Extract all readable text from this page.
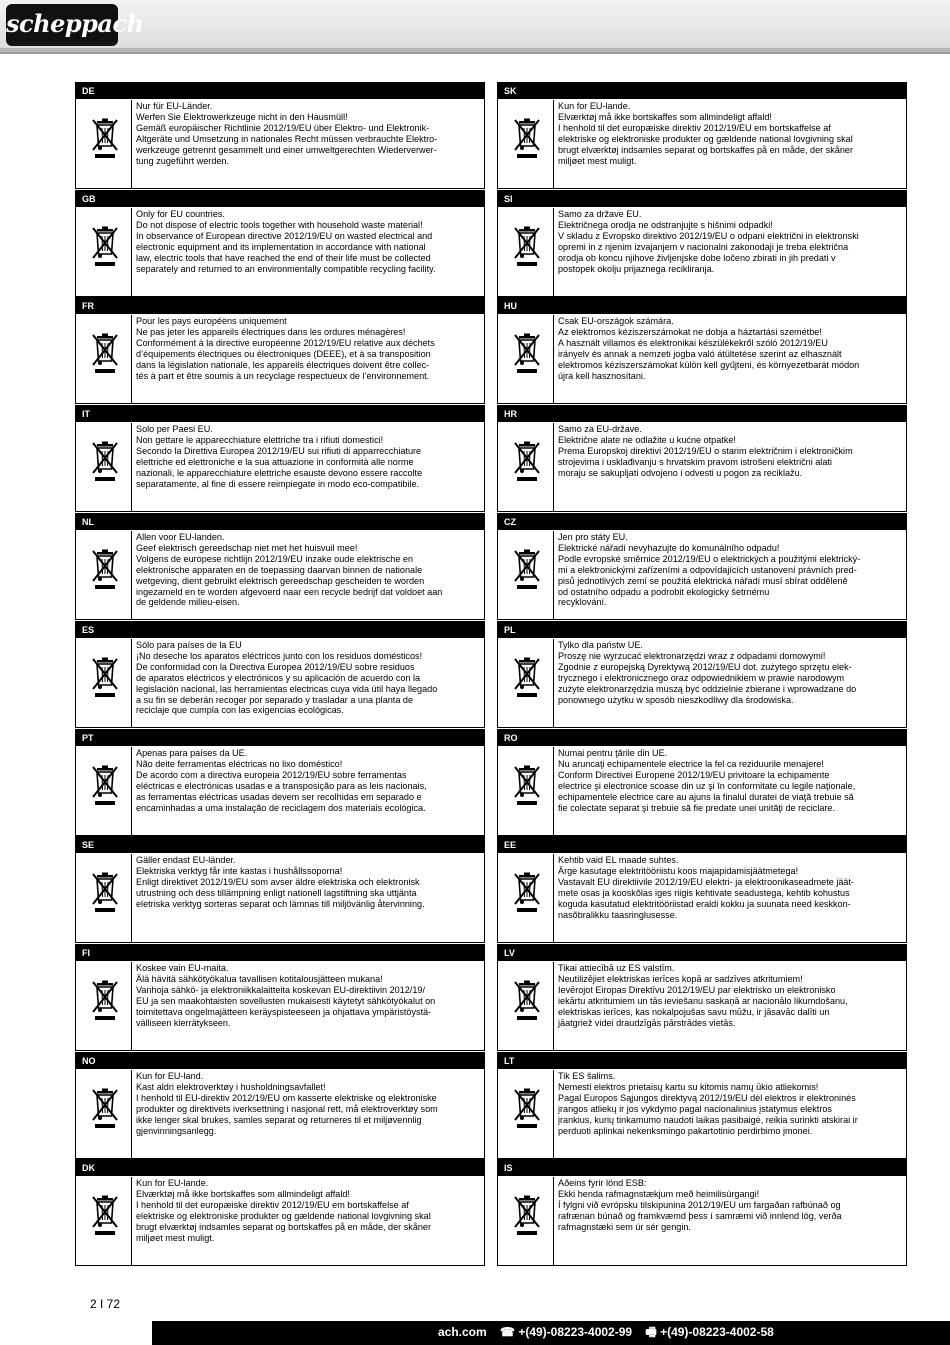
scheppach
DE
Nur für EU-Länder.
Werfen Sie Elektrowerkzeuge nicht in den Hausmüll!
Gemäß europäischer Richtlinie 2012/19/EU über Elektro- und Elektronik-
Altgeräte und Umsetzung in nationales Recht müssen verbrauchte Elektro-
werkzeuge getrennt gesammelt und einer umweltgerechten Wiederverwer-
tung zugeführt werden.
GB
Only for EU countries.
Do not dispose of electric tools together with household waste material!
In observance of European directive 2012/19/EU on wasted electrical and
electronic equipment and its implementation in accordance with national
law, electric tools that have reached the end of their life must be collected
separately and returned to an environmentally compatible recycling facility.
FR
Pour les pays européens uniquement
Ne pas jeter les appareils électriques dans les ordures ménagères!
Conformément à la directive européenne 2012/19/EU relative aux déchets
d’équipements électriques ou électroniques (DEEE), et à sa transposition
dans la législation nationale, les appareils électriques doivent être collec-
tés à part et être soumis à un recyclage respectueux de l’environnement.
IT
Solo per Paesi EU.
Non gettare le apparecchiature elettriche tra i rifiuti domestici!
Secondo la Direttiva Europea 2012/19/EU sui rifiuti di apparrecchiature
elettriche ed elettroniche e la sua attuazione in conformità alle norme
nazionali, le apparecchiature elettriche esauste devono essere raccolte
separatamente, al fine di essere reimpiegate in modo eco-compatibile.
NL
Allen voor EU-landen.
Geef elektrisch gereedschap niet met het huisvuil mee!
Volgens de europese richtlijn 2012/19/EU inzake oude elektrische en
elektronische apparaten en de toepassing daarvan binnen de nationale
wetgeving, dient gebruikt elektrisch gereedschap gescheiden te worden
ingezameld en te worden afgevoerd naar een recycle bedrijf dat voldoet aan
de geldende milieu-eisen.
ES
Sólo para países de la EU
¡No deseche los aparatos eléctricos junto con los residuos domésticos!
De conformidad con la Directiva Europea 2012/19/EU sobre residuos
de aparatos eléctricos y electrónicos y su aplicación de acuerdo con la
legislación nacional, las herramientas electricas cuya vida útil haya llegado
a su fin se deberán recoger por separado y trasladar a una planta de
reciclaje que cumpla con las exigencias ecológicas.
PT
Apenas para países da UE.
Não deite ferramentas eléctricas no lixo doméstico!
De acordo com a directiva europeia 2012/19/EU sobre ferramentas
eléctricas e electrónicas usadas e a transposição para as leis nacionais,
as ferramentas eléctricas usadas devem ser recolhidas em separado e
encaminhadas a uma instalação de reciclagem dos materiais ecológica.
SE
Gäller endast EU-länder.
Elektriska verktyg får inte kastas i hushållssoporna!
Enligt direktivet 2012/19/EU som avser äldre elektriska och elektronisk
utrustning och dess tillämpning enligt nationell lagstiftning ska uttjänta
eletriska verktyg sorteras separat och lämnas till miljövänlig återvinning.
FI
Koskee vain EU-maita.
Älä hävitä sähkötyökalua tavallisen kotitalousjätteen mukana!
Vanhoja sähkö- ja elektroniikkalaitteita koskevan EU-direktiivin 2012/19/
EU ja sen maakohtaisten sovellusten mukaisesti käytetyt sähkötyökalut on
toimitettava ongelmajätteen keräyspisteeseen ja ohjattava ympäristöystä-
välliseen kierrätykseen.
NO
Kun for EU-land.
Kast aldri elektroverktøy i husholdningsavfallet!
I henhold til EU-direktiv 2012/19/EU om kasserte elektriske og elektroniske
produkter og direktivets iverksettning i nasjonal rett, må elektroverktøy som
ikke lenger skal brukes, samles separat og returneres til et miljøvennlig
gjenvinningsanlegg.
DK
Kun for EU-lande.
Elværktøj må ikke bortskaffes som allmindeligt affald!
I henhold til det europæiske direktiv 2012/19/EU em bortskaffelse af
elektriske og elektroniske produkter og gældende national lovgivning skal
brugt elværktøj indsamles separat og bortskaffes på en måde, der skåner
miljøet mest muligt.
SK
Kun for EU-lande.
Elværktøj må ikke bortskaffes som allmindeligt affald!
I henhold til det europæiske direktiv 2012/19/EU em bortskaffelse af
elektriske og elektroniske produkter og gældende national lovgivning skal
brugt elværktøj indsamles separat og bortskaffes på en måde, der skåner
miljøet mest muligt.
SI
Samo za države EU.
Električnega orodja ne odstranjujte s hišnimi odpadki!
V skladu z Evropsko direktivo 2012/19/EU o odpani električni in elektronski
opremi in z njenim izvajanjem v nacionalni zakonodaji je treba električna
orodja ob koncu njihove življenjske dobe ločeno zbirati in jih predati v
postopek okolju prijaznega recikliranja.
HU
Csak EU-országok számára.
Az elektromos kéziszerszámokat ne dobja a háztartási szemétbe!
A használt villamos és elektronikai készülékekről szóló 2012/19/EU
irányelv és annak a nemzeti jogba való átültetése szerint az elhasznált
elektromos kéziszerszámokat külön kell gyűjteni, és környezetbarát módon
újra kell hasznosítani.
HR
Samo za EU-države.
Električne alate ne odlažite u kućne otpatke!
Prema Europskoj direktivi 2012/19/EU o starim električnim i elektroničkim
strojevima i usklađivanju s hrvatskim pravom istrošeni električni alati
moraju se sakupljati odvojeno i odvesti u pogon za reciklažu.
CZ
Jen pro státy EU.
Elektrické nářadí nevyhazujte do komunálního odpadu!
Podle evropské směrnice 2012/19/EU o elektrických a použitými elektrický-
mi a elektronickými zařízeními a odpovídajících ustanovení právních pred-
pisů jednotlivých zemí se použitá elektrická nářadí musí sbírat odděleně
od ostatního odpadu a podrobit ekologicky šetrnému
recyklování.
PL
Tylko dla państw UE.
Proszę nie wyrzucać elektronarzędzi wraz z odpadami domowymi!
Zgodnie z europejską Dyrektywą 2012/19/EU dot. zużytego sprzętu elek-
trycznego i elektronicznego oraz odpowiednikiem w prawie narodowym
zużyte elektronarzędzia muszą być oddzielnie zbierane i wprowadzane do
ponownego użytku w sposób nieszkodliwy dla środowiska.
RO
Numai pentru ţările din UE.
Nu aruncaţi echipamentele electrice la fel ca reziduurile menajere!
Conform Directivei Europene 2012/19/EU privitoare la echipamente
electrice şi electronice scoase din uz şi în conformitate cu legile naţionale,
echipamentele electrice care au ajuns la finalul duratei de viaţă trebuie să
fie colectate separat şi trebuie să fie predate unei unităţi de reciclare.
EE
Kehtib vaid EL maade suhtes.
Ärge kasutage elektritööriistu koos majapidamisjäätmetega!
Vastavalt EU direktiivile 2012/19/EU elektri- ja elektroonikaseadmete jäät-
mete osas ja kooskõlas iges riigis kehtivate seadustega, kehtib kohustus
koguda kasutatud elektritööriistad eraldi kokku ja suunata need keskkon-
nasõbralikku taasringlusesse.
LV
Tikai attiecībā uz ES valstīm.
Neutilizējiet elektriskas ierīces kopā ar sadzīves atkritumiem!
Ievērojot Eiropas Direktīvu 2012/19/EU par elektrisko un elektronisko
iekārtu atkritumiem un tās ieviešanu saskaņā ar nacionālo likumdošanu,
elektriskas ierīces, kas nokalpojušas savu mūžu, ir jāsavāc dalīti un
jāatgriež videi draudzīgās pārstrādes vietās.
LT
Tik ES šalims.
Nemesti elektros prietaisų kartu su kitomis namų ūkio atliekomis!
Pagal Europos Sąjungos direktyvą 2012/19/EU dėl elektros ir elektroninės
įrangos atliekų ir jos vykdymo pagal nacionalinius įstatymus elektros
įrankius, kurių tinkamumo naudoti laikas pasibaigė, reikia surinkti atskirai ir
perduoti aplinkai nekenksmingo pakartotinio perdirbimo įmonei.
IS
Aðeins fyrir lönd ESB:
Ekki henda rafmagnstækjum með heimilisúrgangi!
Í fylgni við evrópsku tilskipunina 2012/19/EU um fargaðan rafbúnað og
rafrænan búnað og framkvæmd þess í samræmi við innlend lög, verða
rafmagnstæki sem úr sér gengin.
2 I 72
ach.com ☎ +(49)-08223-4002-99 🖷 +(49)-08223-4002-58
